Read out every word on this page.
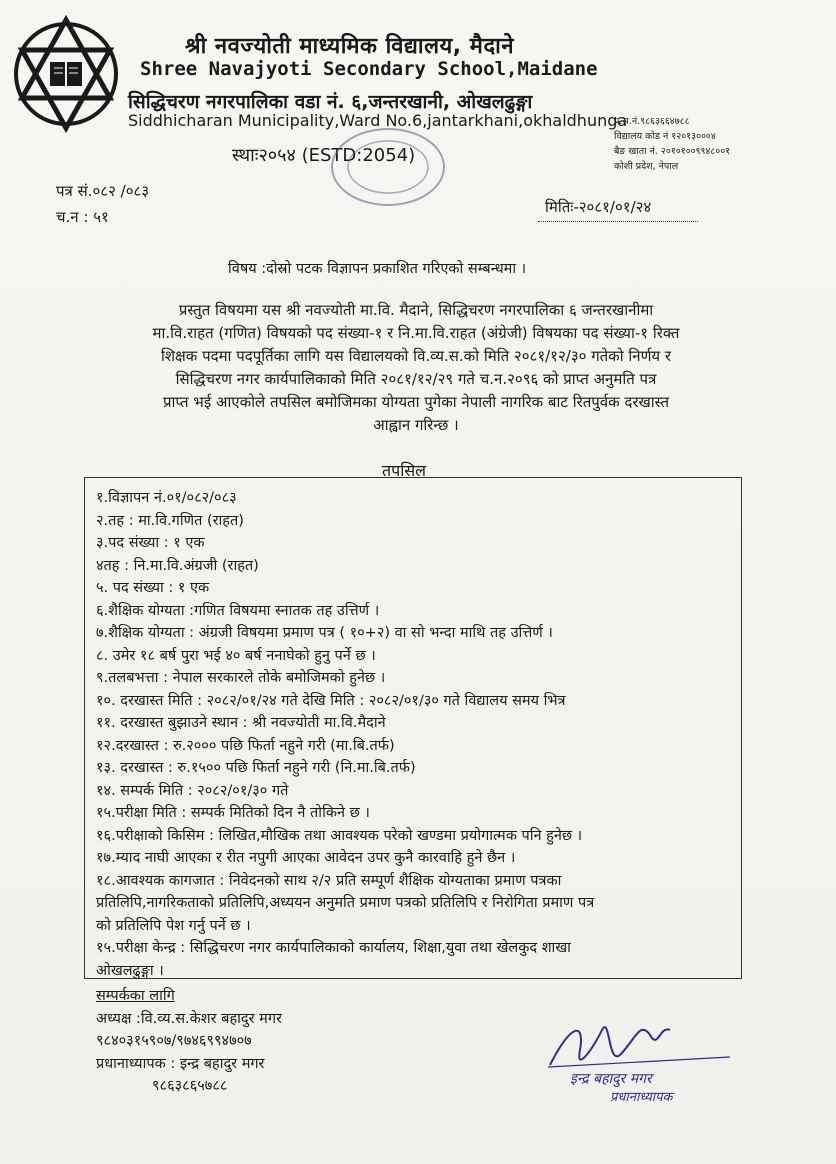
श्री नवज्योती माध्यमिक विद्यालय, मैदाने
Shree Navajyoti Secondary School,Maidane
सिद्धिचरण नगरपालिका वडा नं. ६,जन्तरखानी, ओखलढुङ्गा
Siddhicharan Municipality,Ward No.6,jantarkhani,okhaldhunga
स्थाः२०५४ (ESTD:2054)
प्र.स.नं.९८६३६६४७८८
विद्यालय कोड नं १२०१३०००४
बैङ खाता नं. २०१०१००९९४८००१
कोशी प्रदेश, नेपाल
पत्र सं.०८२ /०८३
च.न : ५१
मितिः-२०८१/०१/२४
विषय :दोस्रो पटक विज्ञापन प्रकाशित गरिएको सम्बन्धमा ।
प्रस्तुत विषयमा यस श्री नवज्योती मा.वि. मैदाने, सिद्धिचरण नगरपालिका ६ जन्तरखानीमा
मा.वि.राहत (गणित) विषयको पद संख्या-१ र नि.मा.वि.राहत (अंग्रेजी) विषयका पद संख्या-१ रिक्त
शिक्षक पदमा पदपूर्तिका लागि यस विद्यालयको वि.व्य.स.को मिति २०८१/१२/३० गतेको निर्णय र
सिद्धिचरण नगर कार्यपालिकाको मिति २०८१/१२/२९ गते च.न.२०९६ को प्राप्त अनुमति पत्र
प्राप्त भई आएकोले तपसिल बमोजिमका योग्यता पुगेका नेपाली नागरिक बाट रितपुर्वक दरखास्त
आह्वान गरिन्छ ।
तपसिल
१.विज्ञापन नं.०१/०८२/०८३
२.तह : मा.वि.गणित (राहत)
३.पद संख्या : १ एक
४तह : नि.मा.वि.अंग्रजी (राहत)
५. पद संख्या : १ एक
६.शैक्षिक योग्यता :गणित विषयमा स्नातक तह उत्तिर्ण ।
७.शैक्षिक योग्यता : अंग्रजी विषयमा प्रमाण पत्र ( १०+२) वा सो भन्दा माथि तह उत्तिर्ण ।
८. उमेर १८ बर्ष पुरा भई ४० बर्ष ननाघेको हुनु पर्ने छ ।
९.तलबभत्ता : नेपाल सरकारले तोके बमोजिमको हुनेछ ।
१०. दरखास्त मिति : २०८२/०१/२४ गते देखि मिति : २०८२/०१/३० गते विद्यालय समय भित्र
११. दरखास्त बुझाउने स्थान : श्री नवज्योती मा.वि.मैदाने
१२.दरखास्त : रु.२००० पछि फिर्ता नहुने गरी (मा.बि.तर्फ)
१३. दरखास्त : रु.१५०० पछि फिर्ता नहुने गरी (नि.मा.बि.तर्फ)
१४. सम्पर्क मिति : २०८२/०१/३० गते
१५.परीक्षा मिति : सम्पर्क मितिको दिन नै तोकिने छ ।
१६.परीक्षाको किसिम : लिखित,मौखिक तथा आवश्यक परेको खण्डमा प्रयोगात्मक पनि हुनेछ ।
१७.म्याद नाघी आएका र रीत नपुगी आएका आवेदन उपर कुनै कारवाहि हुने छैन ।
१८.आवश्यक कागजात : निवेदनको साथ २/२ प्रति सम्पूर्ण शैक्षिक योग्यताका प्रमाण पत्रका
प्रतिलिपि,नागरिकताको प्रतिलिपि,अध्ययन अनुमति प्रमाण पत्रको प्रतिलिपि र निरोगिता प्रमाण पत्र
को प्रतिलिपि पेश गर्नु पर्ने छ ।
१५.परीक्षा केन्द्र : सिद्धिचरण नगर कार्यपालिकाको कार्यालय, शिक्षा,युवा तथा खेलकुद शाखा
ओखलढुङ्गा ।
सम्पर्कका लागि
अध्यक्ष :वि.व्य.स.केशर बहादुर मगर
९८४०३१५९०७/९७४६९९४७०७
प्रधानाध्यापक : इन्द्र बहादुर मगर
९८६३८६५७८८	इन्द्र बहादुर मगर
प्रधानाध्यापक
